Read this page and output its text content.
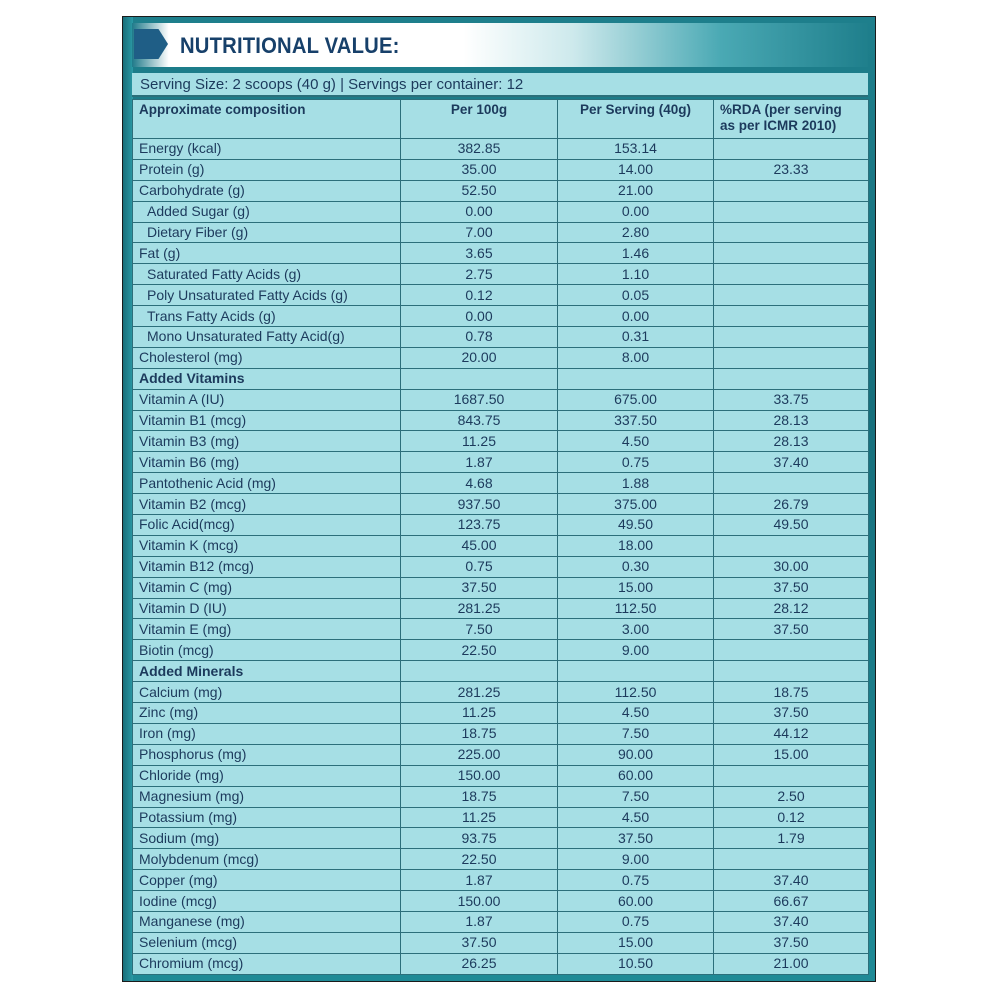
NUTRITIONAL VALUE:
Serving Size: 2 scoops (40 g) | Servings per container: 12
Approximate composition	Per 100g	Per Serving (40g)	%RDA (per serving
as per ICMR 2010)
Energy (kcal)	382.85	153.14	
Protein (g)	35.00	14.00	23.33
Carbohydrate (g)	52.50	21.00	
Added Sugar (g)	0.00	0.00	
Dietary Fiber (g)	7.00	2.80	
Fat (g)	3.65	1.46	
Saturated Fatty Acids (g)	2.75	1.10	
Poly Unsaturated Fatty Acids (g)	0.12	0.05	
Trans Fatty Acids (g)	0.00	0.00	
Mono Unsaturated Fatty Acid(g)	0.78	0.31	
Cholesterol (mg)	20.00	8.00	
Added Vitamins			
Vitamin A (IU)	1687.50	675.00	33.75
Vitamin B1 (mcg)	843.75	337.50	28.13
Vitamin B3 (mg)	11.25	4.50	28.13
Vitamin B6 (mg)	1.87	0.75	37.40
Pantothenic Acid (mg)	4.68	1.88	
Vitamin B2 (mcg)	937.50	375.00	26.79
Folic Acid(mcg)	123.75	49.50	49.50
Vitamin K (mcg)	45.00	18.00	
Vitamin B12 (mcg)	0.75	0.30	30.00
Vitamin C (mg)	37.50	15.00	37.50
Vitamin D (IU)	281.25	112.50	28.12
Vitamin E (mg)	7.50	3.00	37.50
Biotin (mcg)	22.50	9.00	
Added Minerals			
Calcium (mg)	281.25	112.50	18.75
Zinc (mg)	11.25	4.50	37.50
Iron (mg)	18.75	7.50	44.12
Phosphorus (mg)	225.00	90.00	15.00
Chloride (mg)	150.00	60.00	
Magnesium (mg)	18.75	7.50	2.50
Potassium (mg)	11.25	4.50	0.12
Sodium (mg)	93.75	37.50	1.79
Molybdenum (mcg)	22.50	9.00	
Copper (mg)	1.87	0.75	37.40
Iodine (mcg)	150.00	60.00	66.67
Manganese (mg)	1.87	0.75	37.40
Selenium (mcg)	37.50	15.00	37.50
Chromium (mcg)	26.25	10.50	21.00
